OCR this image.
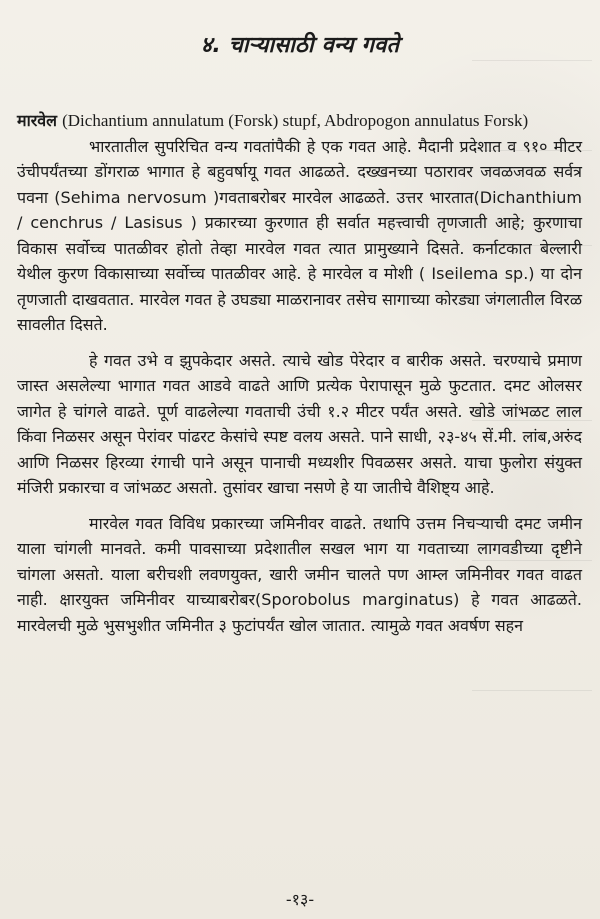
४. चाऱ्यासाठी वन्य गवते

मारवेल (Dichantium annulatum (Forsk) stupf, Abdropogon annulatus Forsk)

भारतातील सुपरिचित वन्य गवतांपैकी हे एक गवत आहे. मैदानी प्रदेशात व ९१० मीटर उंचीपर्यंतच्या डोंगराळ भागात हे बहुवर्षायू गवत आढळते. दख्खनच्या पठारावर जवळजवळ सर्वत्र पवना (Sehima nervosum )गवताबरोबर मारवेल आढळते. उत्तर भारतात(Dichanthium / cenchrus / Lasisus ) प्रकारच्या कुरणात ही सर्वात महत्त्वाची तृणजाती आहे; कुरणाचा विकास सर्वोच्च पातळीवर होतो तेव्हा मारवेल गवत त्यात प्रामुख्याने दिसते. कर्नाटकात बेल्लारी येथील कुरण विकासाच्या सर्वोच्च पातळीवर आहे. हे मारवेल व मोशी ( Iseilema sp.) या दोन तृणजाती दाखवतात. मारवेल गवत हे उघड्या माळरानावर तसेच सागाच्या कोरड्या जंगलातील विरळ सावलीत दिसते.

हे गवत उभे व झुपकेदार असते. त्याचे खोड पेरेदार व बारीक असते. चरण्याचे प्रमाण जास्त असलेल्या भागात गवत आडवे वाढते आणि प्रत्येक पेरापासून मुळे फुटतात. दमट ओलसर जागेत हे चांगले वाढते. पूर्ण वाढलेल्या गवताची उंची १.२ मीटर पर्यंत असते. खोडे जांभळट लाल किंवा निळसर असून पेरांवर पांढरट केसांचे स्पष्ट वलय असते. पाने साधी, २३-४५ सें.मी. लांब,अरुंद आणि निळसर हिरव्या रंगाची पाने असून पानाची मध्यशीर पिवळसर असते. याचा फुलोरा संयुक्त मंजिरी प्रकारचा व जांभळट असतो. तुसांवर खाचा नसणे हे या जातीचे वैशिष्ट्य आहे.

मारवेल गवत विविध प्रकारच्या जमिनीवर वाढते. तथापि उत्तम निचऱ्याची दमट जमीन याला चांगली मानवते. कमी पावसाच्या प्रदेशातील सखल भाग या गवताच्या लागवडीच्या दृष्टीने चांगला असतो. याला बरीचशी लवणयुक्त, खारी जमीन चालते पण आम्ल जमिनीवर गवत वाढत नाही. क्षारयुक्त जमिनीवर याच्याबरोबर(Sporobolus marginatus) हे गवत आढळते. मारवेलची मुळे भुसभुशीत जमिनीत ३ फुटांपर्यंत खोल जातात. त्यामुळे गवत अवर्षण सहन

-१३-
